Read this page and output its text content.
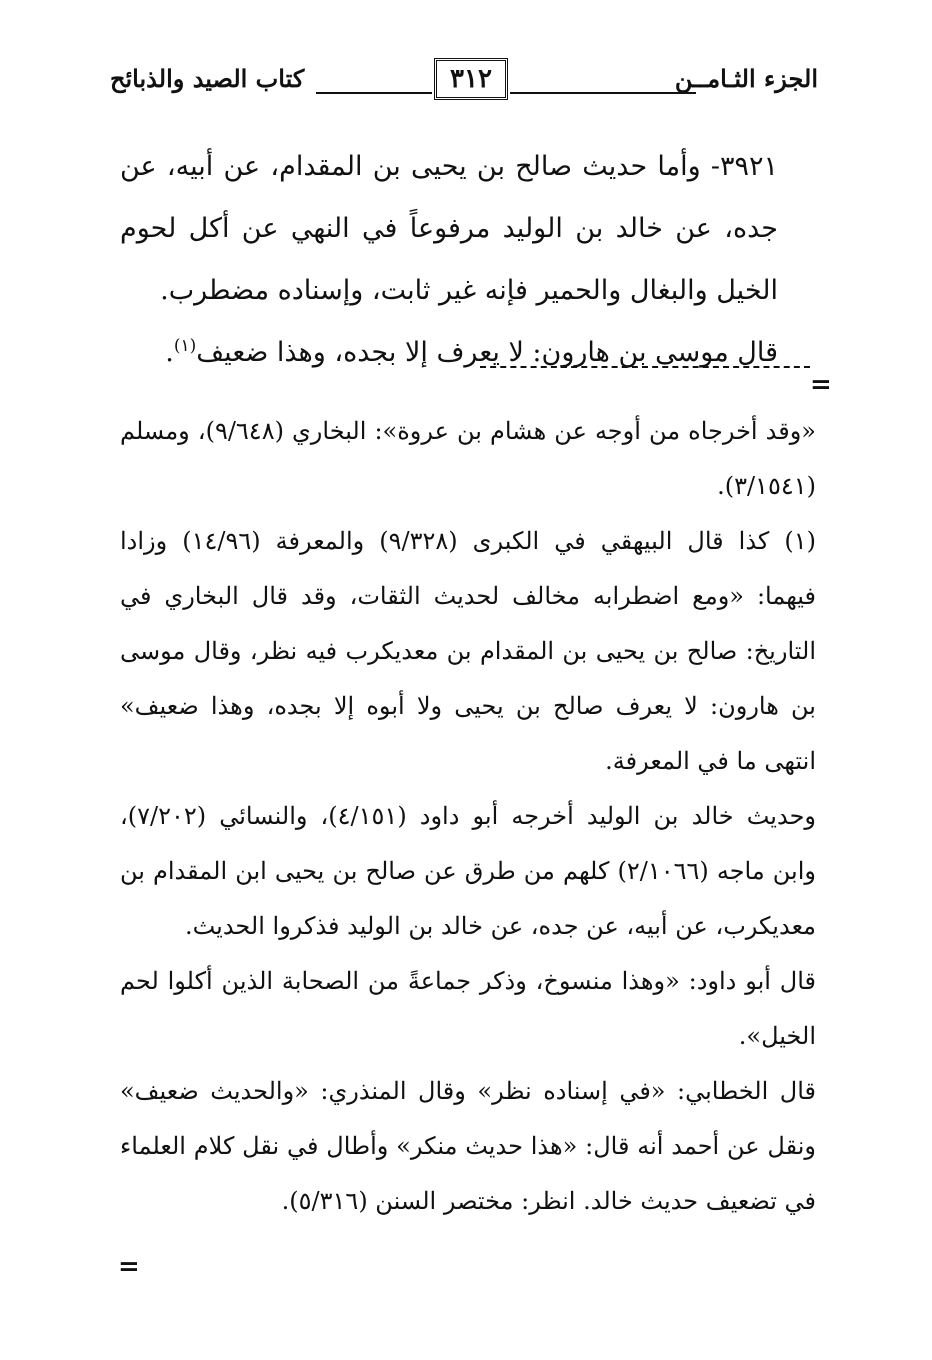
الجزء الثـامــن
٣١٢
كتاب الصيد والذبائح

٣٩٢١- وأما حديث صالح بن يحيى بن المقدام، عن أبيه، عن جده، عن خالد بن الوليد مرفوعاً في النهي عن أكل لحوم الخيل والبغال والحمير فإنه غير ثابت، وإسناده مضطرب.

قال موسى بن هارون: لا يعرف إلا بجده، وهذا ضعيف$^{(١)}$.

=

«وقد أخرجاه من أوجه عن هشام بن عروة»: البخاري (٩/٦٤٨)، ومسلم (٣/١٥٤١).

(١) كذا قال البيهقي في الكبرى (٩/٣٢٨) والمعرفة (١٤/٩٦) وزادا فيهما: «ومع اضطرابه مخالف لحديث الثقات، وقد قال البخاري في التاريخ: صالح بن يحيى بن المقدام بن معديكرب فيه نظر، وقال موسى بن هارون: لا يعرف صالح بن يحيى ولا أبوه إلا بجده، وهذا ضعيف» انتهى ما في المعرفة.

وحديث خالد بن الوليد أخرجه أبو داود (٤/١٥١)، والنسائي (٧/٢٠٢)، وابن ماجه (٢/١٠٦٦) كلهم من طرق عن صالح بن يحيى ابن المقدام بن معديكرب، عن أبيه، عن جده، عن خالد بن الوليد فذكروا الحديث.

قال أبو داود: «وهذا منسوخ، وذكر جماعةً من الصحابة الذين أكلوا لحم الخيل».

قال الخطابي: «في إسناده نظر» وقال المنذري: «والحديث ضعيف» ونقل عن أحمد أنه قال: «هذا حديث منكر» وأطال في نقل كلام العلماء في تضعيف حديث خالد. انظر: مختصر السنن (٥/٣١٦).

=
